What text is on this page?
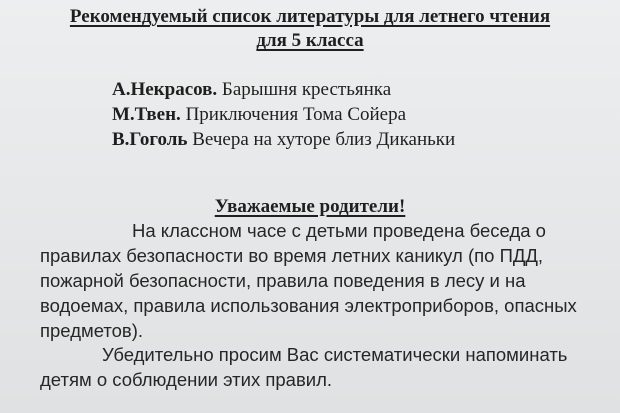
Рекомендуемый список литературы для летнего чтения
для 5 класса
А.Некрасов. Барышня крестьянка
М.Твен. Приключения Тома Сойера
В.Гоголь Вечера на хуторе близ Диканьки
Уважаемые родители!

На классном часе с детьми проведена беседа о
правилах безопасности во время летних каникул (по ПДД,
пожарной безопасности, правила поведения в лесу и на
водоемах, правила использования электроприборов, опасных
предметов).

Убедительно просим Вас систематически напоминать
детям о соблюдении этих правил.
